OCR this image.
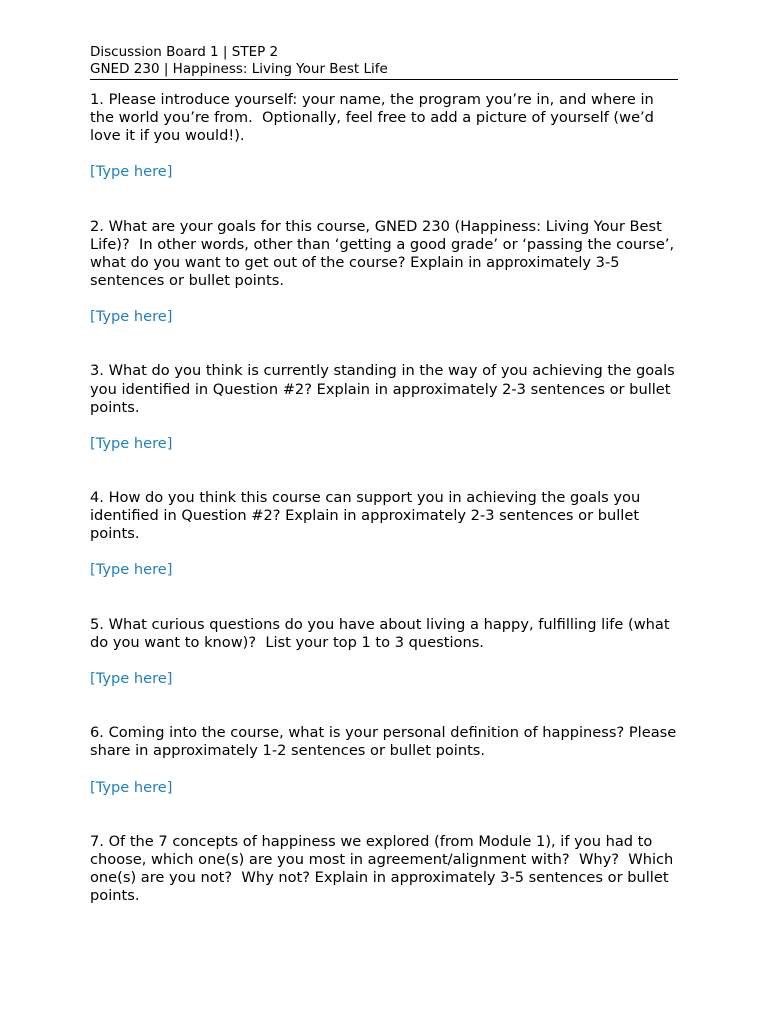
Discussion Board 1 | STEP 2
GNED 230 | Happiness: Living Your Best Life

1. Please introduce yourself: your name, the program you’re in, and where in the world you’re from.  Optionally, feel free to add a picture of yourself (we’d love it if you would!).

[Type here]

2. What are your goals for this course, GNED 230 (Happiness: Living Your Best Life)?  In other words, other than ‘getting a good grade’ or ‘passing the course’, what do you want to get out of the course? Explain in approximately 3-5 sentences or bullet points.

[Type here]

3. What do you think is currently standing in the way of you achieving the goals you identified in Question #2? Explain in approximately 2-3 sentences or bullet points.

[Type here]

4. How do you think this course can support you in achieving the goals you identified in Question #2? Explain in approximately 2-3 sentences or bullet points.

[Type here]

5. What curious questions do you have about living a happy, fulfilling life (what do you want to know)?  List your top 1 to 3 questions.

[Type here]

6. Coming into the course, what is your personal definition of happiness? Please share in approximately 1-2 sentences or bullet points.

[Type here]

7. Of the 7 concepts of happiness we explored (from Module 1), if you had to choose, which one(s) are you most in agreement/alignment with?  Why?  Which one(s) are you not?  Why not? Explain in approximately 3-5 sentences or bullet points.
